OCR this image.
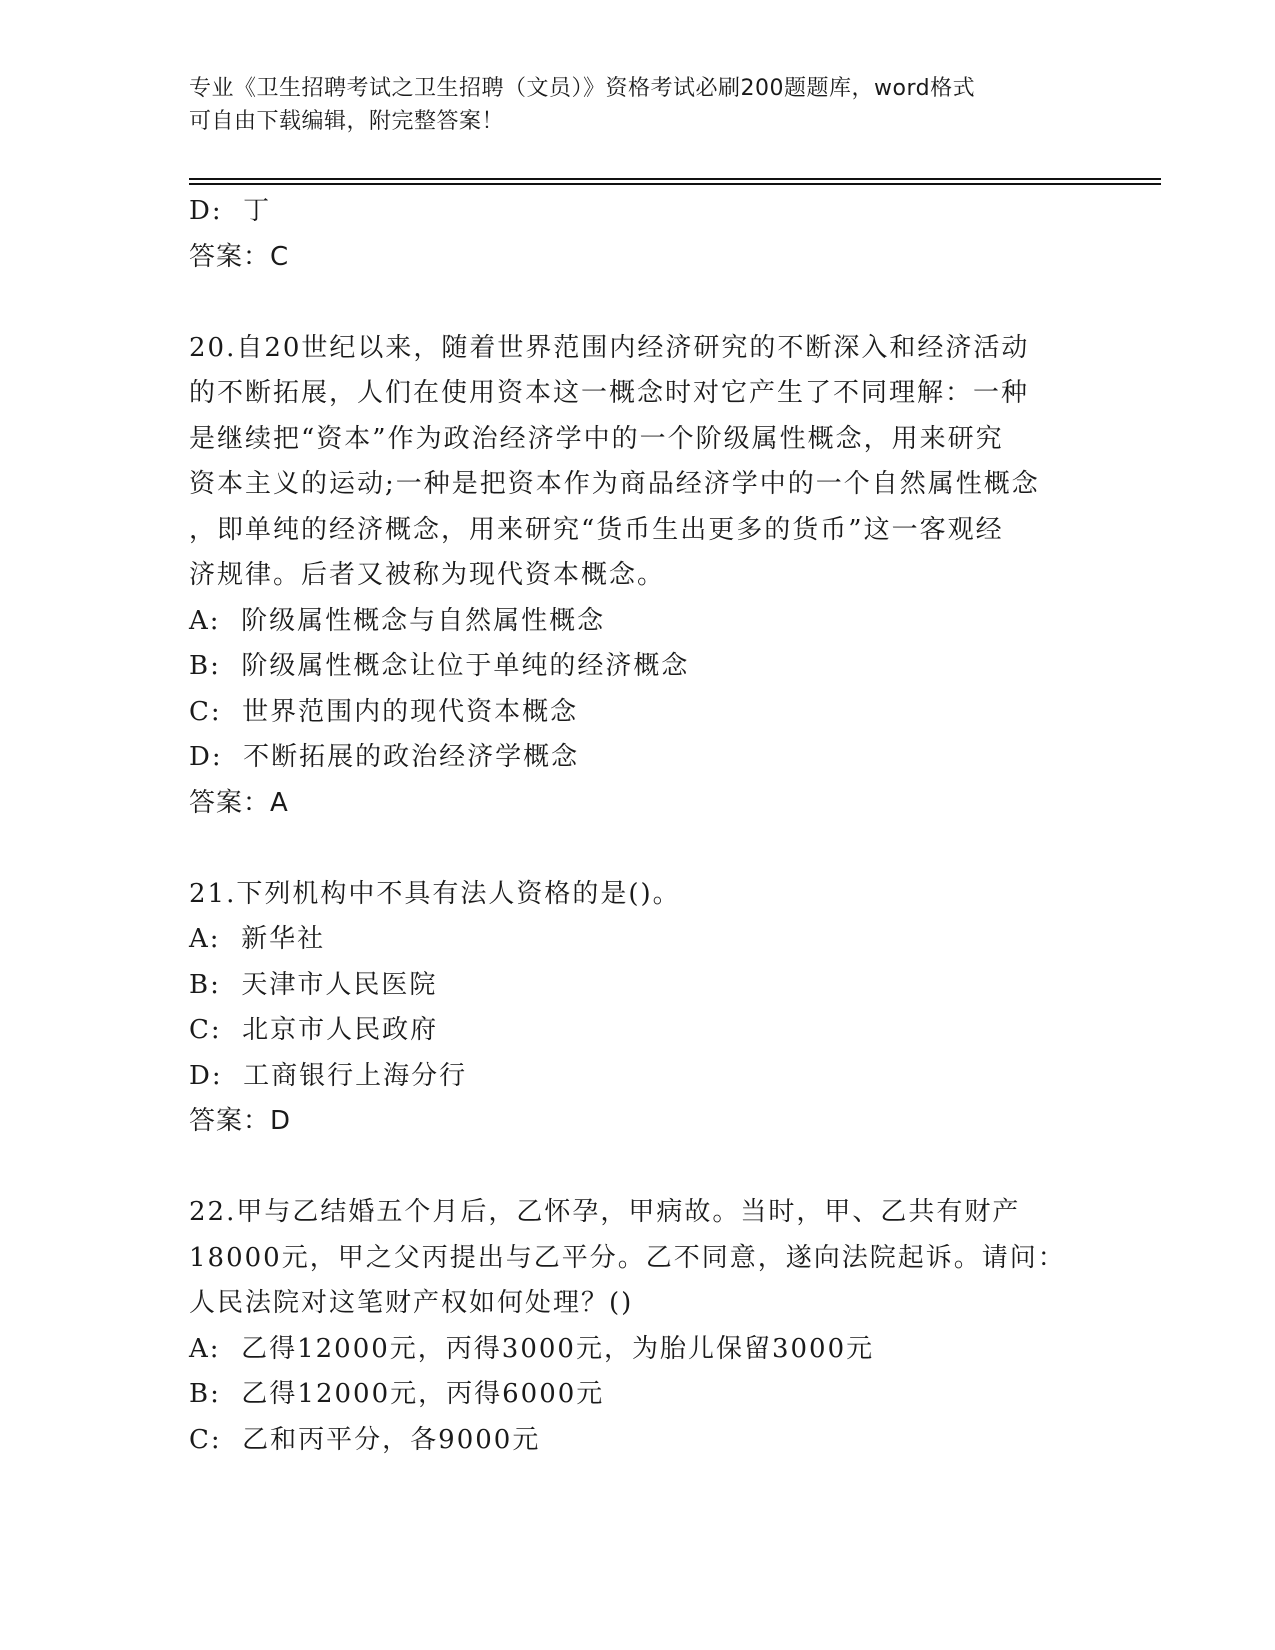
专业《卫生招聘考试之卫生招聘（文员）》资格考试必刷200题题库，word格式
可自由下载编辑，附完整答案！
D:  丁
答案：C
20.自20世纪以来，随着世界范围内经济研究的不断深入和经济活动
的不断拓展，人们在使用资本这一概念时对它产生了不同理解：一种
是继续把“资本”作为政治经济学中的一个阶级属性概念，用来研究
资本主义的运动;一种是把资本作为商品经济学中的一个自然属性概念
，即单纯的经济概念，用来研究“货币生出更多的货币”这一客观经
济规律。后者又被称为现代资本概念。
A:  阶级属性概念与自然属性概念
B:  阶级属性概念让位于单纯的经济概念
C:  世界范围内的现代资本概念
D:  不断拓展的政治经济学概念
答案：A
21.下列机构中不具有法人资格的是()。
A:  新华社
B:  天津市人民医院
C:  北京市人民政府
D:  工商银行上海分行
答案：D
22.甲与乙结婚五个月后，乙怀孕，甲病故。当时，甲、乙共有财产
18000元，甲之父丙提出与乙平分。乙不同意，遂向法院起诉。请问：
人民法院对这笔财产权如何处理？()
A:  乙得12000元，丙得3000元，为胎儿保留3000元
B:  乙得12000元，丙得6000元
C:  乙和丙平分，各9000元
